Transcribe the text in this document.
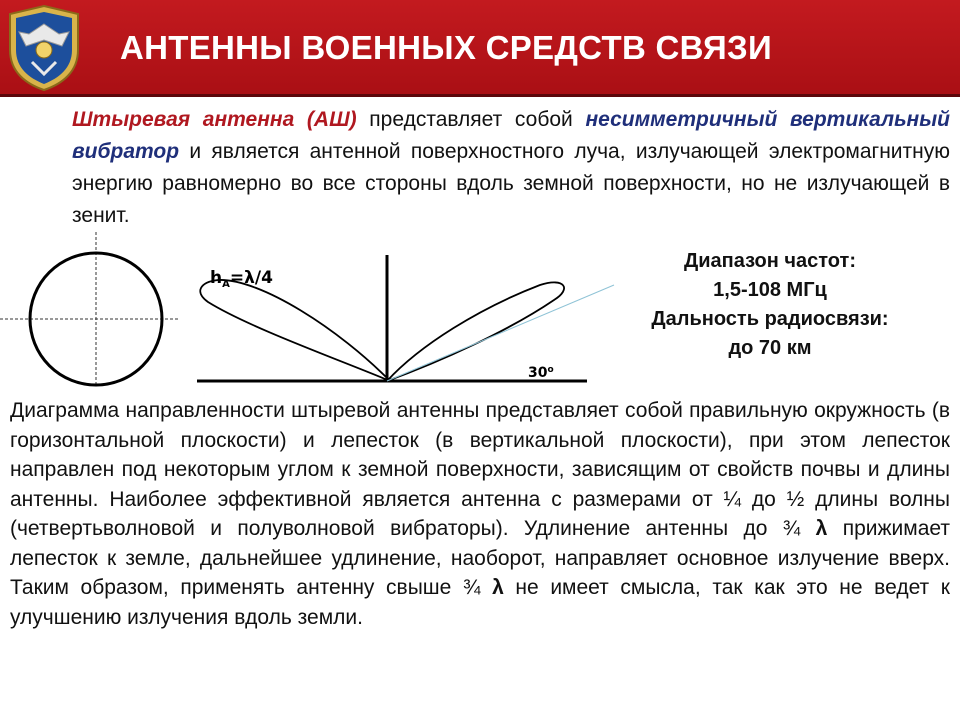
АНТЕННЫ ВОЕННЫХ СРЕДСТВ СВЯЗИ
Штыревая антенна (АШ) представляет собой несимметричный вертикальный вибратор и является антенной поверхностного луча, излучающей электромагнитную энергию равномерно во все стороны вдоль земной поверхности, но не излучающей в зенит.
$h_А=\lambda/4$
$30^о$
Диапазон частот:
1,5-108 МГц
Дальность радиосвязи:
до 70 км
Диаграмма направленности штыревой антенны представляет собой правильную окружность (в горизонтальной плоскости) и лепесток (в вертикальной плоскости), при этом лепесток направлен под некоторым углом к земной поверхности, зависящим от свойств почвы и длины антенны. Наиболее эффективной является антенна с размерами от ¼ до ½ длины волны (четвертьволновой и полуволновой вибраторы). Удлинение антенны до ¾ λ прижимает лепесток к земле, дальнейшее удлинение, наоборот, направляет основное излучение вверх. Таким образом, применять антенну свыше ¾ λ не имеет смысла, так как это не ведет к улучшению излучения вдоль земли.
